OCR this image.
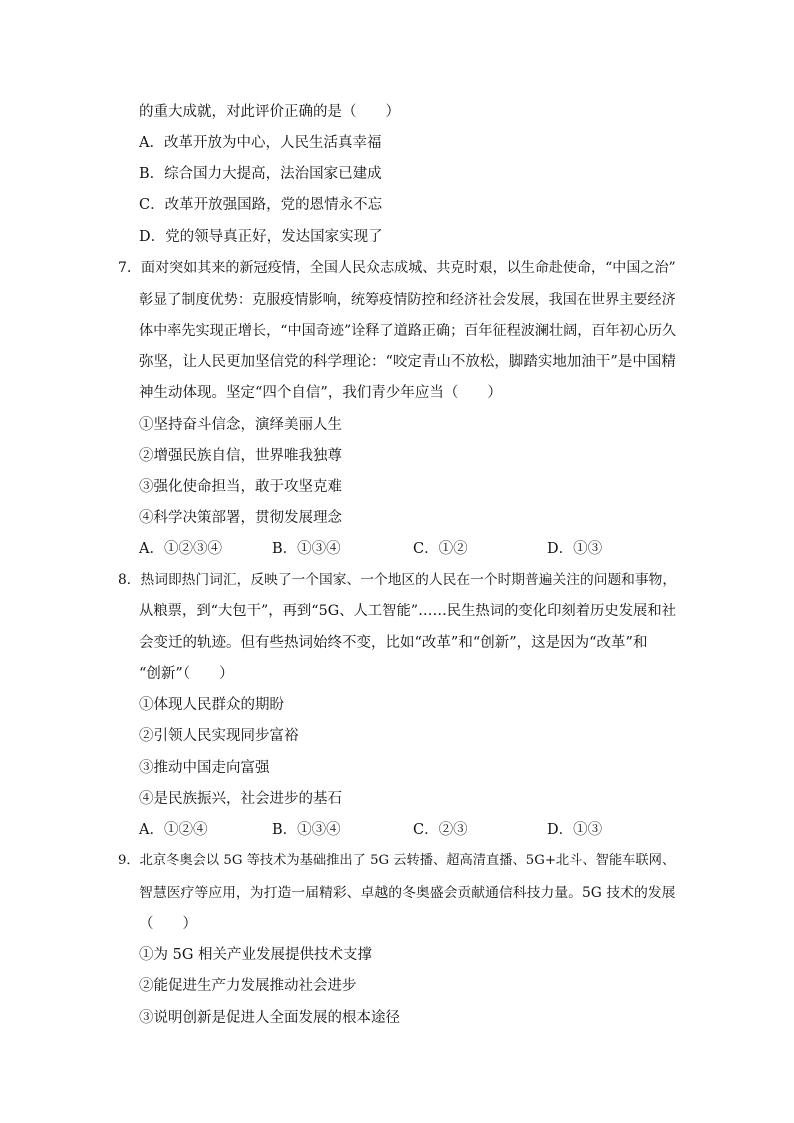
的重大成就，对此评价正确的是（　　）
A．改革开放为中心，人民生活真幸福
B．综合国力大提高，法治国家已建成
C．改革开放强国路，党的恩情永不忘
D．党的领导真正好，发达国家实现了
7．面对突如其来的新冠疫情，全国人民众志成城、共克时艰，以生命赴使命，“中国之治”
彰显了制度优势：克服疫情影响，统筹疫情防控和经济社会发展，我国在世界主要经济
体中率先实现正增长，“中国奇迹”诠释了道路正确；百年征程波澜壮阔，百年初心历久
弥坚，让人民更加坚信党的科学理论：“咬定青山不放松，脚踏实地加油干”是中国精
神生动体现。坚定“四个自信”，我们青少年应当（　　）
①坚持奋斗信念，演绎美丽人生
②增强民族自信，世界唯我独尊
③强化使命担当，敢于攻坚克难
④科学决策部署，贯彻发展理念
A．①②③④	B．①③④	C．①②	D．①③
8．热词即热门词汇，反映了一个国家、一个地区的人民在一个时期普遍关注的问题和事物，
从粮票，到“大包干”，再到“5G、人工智能”……民生热词的变化印刻着历史发展和社
会变迁的轨迹。但有些热词始终不变，比如“改革”和“创新”，这是因为“改革”和
“创新”（　　）
①体现人民群众的期盼
②引领人民实现同步富裕
③推动中国走向富强
④是民族振兴，社会进步的基石
A．①②④	B．①③④	C．②③	D．①③
9．北京冬奥会以 5G 等技术为基础推出了 5G 云转播、超高清直播、5G+北斗、智能车联网、
智慧医疗等应用，为打造一届精彩、卓越的冬奥盛会贡献通信科技力量。5G 技术的发展
（　　）
①为 5G 相关产业发展提供技术支撑
②能促进生产力发展推动社会进步
③说明创新是促进人全面发展的根本途径
